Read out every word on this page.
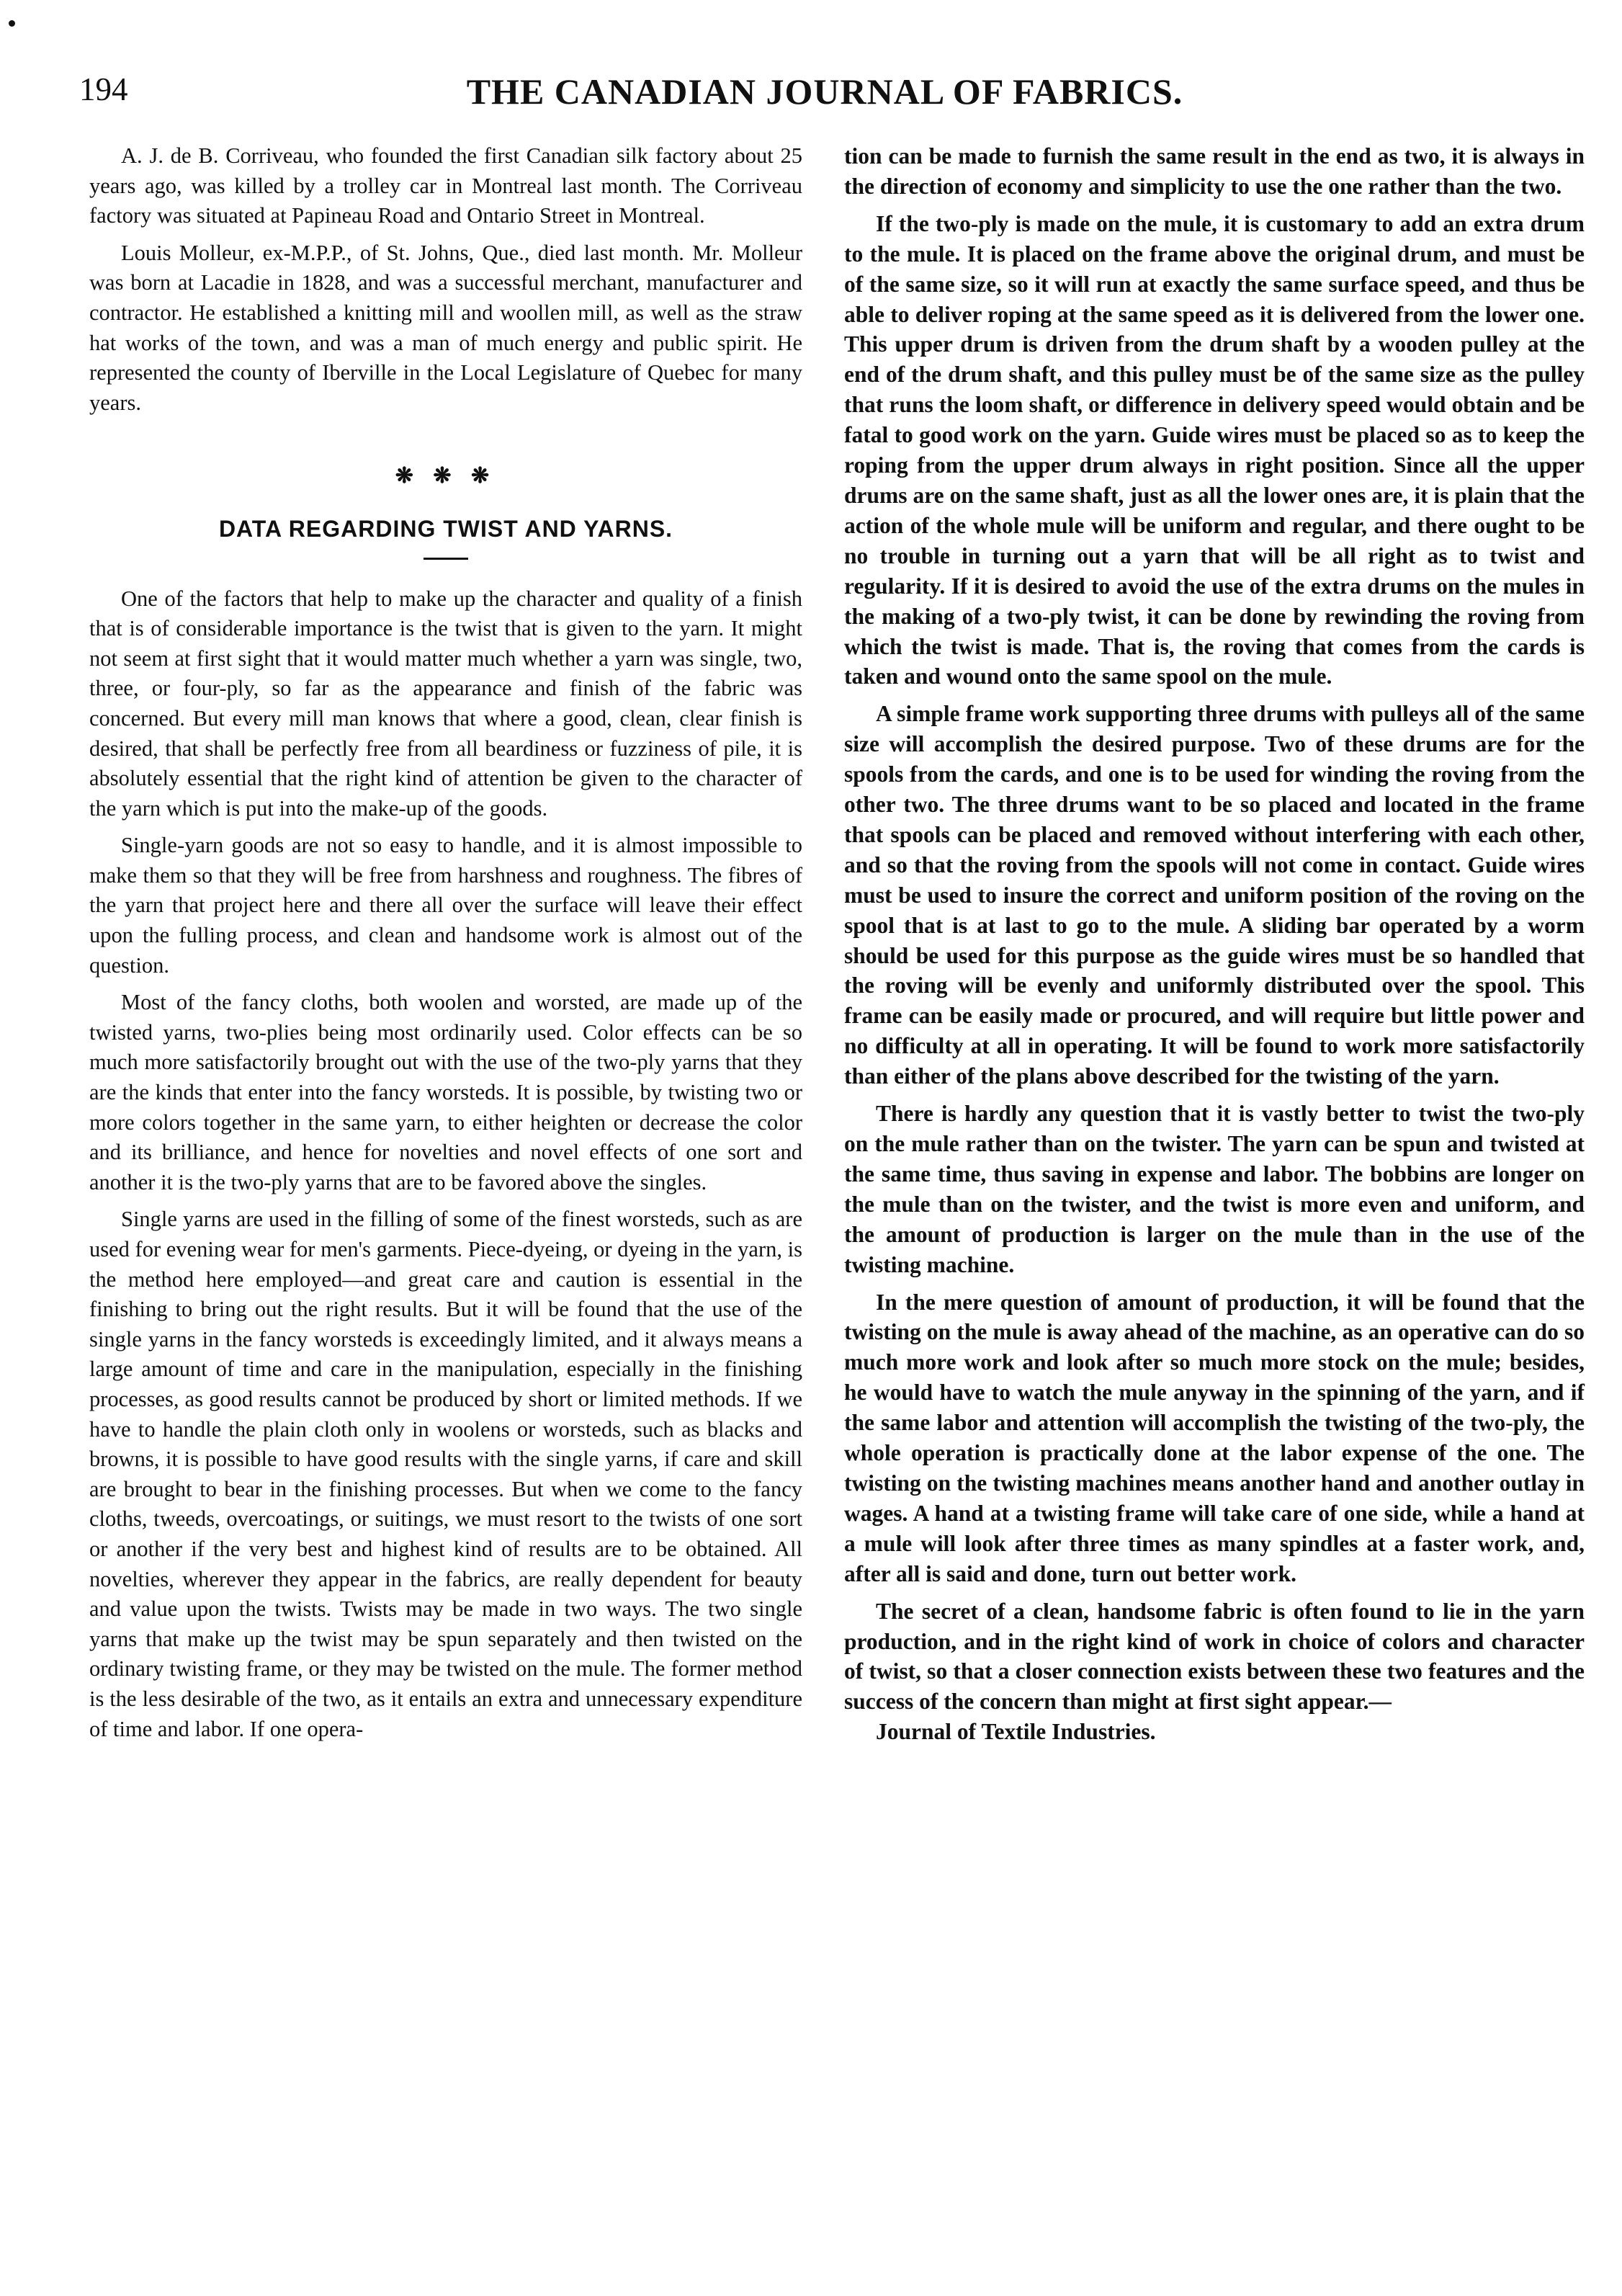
194	THE CANADIAN JOURNAL OF FABRICS.

A. J. de B. Corriveau, who founded the first Canadian silk factory about 25 years ago, was killed by a trolley car in Montreal last month. The Corriveau factory was situated at Papineau Road and Ontario Street in Montreal.

Louis Molleur, ex-M.P.P., of St. Johns, Que., died last month. Mr. Molleur was born at Lacadie in 1828, and was a successful merchant, manufacturer and contractor. He established a knitting mill and woollen mill, as well as the straw hat works of the town, and was a man of much energy and public spirit. He represented the county of Iberville in the Local Legislature of Quebec for many years.

❋ ❋ ❋
DATA REGARDING TWIST AND YARNS.

One of the factors that help to make up the character and quality of a finish that is of considerable importance is the twist that is given to the yarn. It might not seem at first sight that it would matter much whether a yarn was single, two, three, or four-ply, so far as the appearance and finish of the fabric was concerned. But every mill man knows that where a good, clean, clear finish is desired, that shall be perfectly free from all beardiness or fuzziness of pile, it is absolutely essential that the right kind of attention be given to the character of the yarn which is put into the make-up of the goods.

Single-yarn goods are not so easy to handle, and it is almost impossible to make them so that they will be free from harshness and roughness. The fibres of the yarn that project here and there all over the surface will leave their effect upon the fulling process, and clean and handsome work is almost out of the question.

Most of the fancy cloths, both woolen and worsted, are made up of the twisted yarns, two-plies being most ordinarily used. Color effects can be so much more satisfactorily brought out with the use of the two-ply yarns that they are the kinds that enter into the fancy worsteds. It is possible, by twisting two or more colors together in the same yarn, to either heighten or decrease the color and its brilliance, and hence for novelties and novel effects of one sort and another it is the two-ply yarns that are to be favored above the singles.

Single yarns are used in the filling of some of the finest worsteds, such as are used for evening wear for men's garments. Piece-dyeing, or dyeing in the yarn, is the method here employed—and great care and caution is essential in the finishing to bring out the right results. But it will be found that the use of the single yarns in the fancy worsteds is exceedingly limited, and it always means a large amount of time and care in the manipulation, especially in the finishing processes, as good results cannot be produced by short or limited methods. If we have to handle the plain cloth only in woolens or worsteds, such as blacks and browns, it is possible to have good results with the single yarns, if care and skill are brought to bear in the finishing processes. But when we come to the fancy cloths, tweeds, overcoatings, or suitings, we must resort to the twists of one sort or another if the very best and highest kind of results are to be obtained. All novelties, wherever they appear in the fabrics, are really dependent for beauty and value upon the twists. Twists may be made in two ways. The two single yarns that make up the twist may be spun separately and then twisted on the ordinary twisting frame, or they may be twisted on the mule. The former method is the less desirable of the two, as it entails an extra and unnecessary expenditure of time and labor. If one opera-

tion can be made to furnish the same result in the end as two, it is always in the direction of economy and simplicity to use the one rather than the two.

If the two-ply is made on the mule, it is customary to add an extra drum to the mule. It is placed on the frame above the original drum, and must be of the same size, so it will run at exactly the same surface speed, and thus be able to deliver roping at the same speed as it is delivered from the lower one. This upper drum is driven from the drum shaft by a wooden pulley at the end of the drum shaft, and this pulley must be of the same size as the pulley that runs the loom shaft, or difference in delivery speed would obtain and be fatal to good work on the yarn. Guide wires must be placed so as to keep the roping from the upper drum always in right position. Since all the upper drums are on the same shaft, just as all the lower ones are, it is plain that the action of the whole mule will be uniform and regular, and there ought to be no trouble in turning out a yarn that will be all right as to twist and regularity. If it is desired to avoid the use of the extra drums on the mules in the making of a two-ply twist, it can be done by rewinding the roving from which the twist is made. That is, the roving that comes from the cards is taken and wound onto the same spool on the mule.

A simple frame work supporting three drums with pulleys all of the same size will accomplish the desired purpose. Two of these drums are for the spools from the cards, and one is to be used for winding the roving from the other two. The three drums want to be so placed and located in the frame that spools can be placed and removed without interfering with each other, and so that the roving from the spools will not come in contact. Guide wires must be used to insure the correct and uniform position of the roving on the spool that is at last to go to the mule. A sliding bar operated by a worm should be used for this purpose as the guide wires must be so handled that the roving will be evenly and uniformly distributed over the spool. This frame can be easily made or procured, and will require but little power and no difficulty at all in operating. It will be found to work more satisfactorily than either of the plans above described for the twisting of the yarn.

There is hardly any question that it is vastly better to twist the two-ply on the mule rather than on the twister. The yarn can be spun and twisted at the same time, thus saving in expense and labor. The bobbins are longer on the mule than on the twister, and the twist is more even and uniform, and the amount of production is larger on the mule than in the use of the twisting machine.

In the mere question of amount of production, it will be found that the twisting on the mule is away ahead of the machine, as an operative can do so much more work and look after so much more stock on the mule; besides, he would have to watch the mule anyway in the spinning of the yarn, and if the same labor and attention will accomplish the twisting of the two-ply, the whole operation is practically done at the labor expense of the one. The twisting on the twisting machines means another hand and another outlay in wages. A hand at a twisting frame will take care of one side, while a hand at a mule will look after three times as many spindles at a faster work, and, after all is said and done, turn out better work.

The secret of a clean, handsome fabric is often found to lie in the yarn production, and in the right kind of work in choice of colors and character of twist, so that a closer connection exists between these two features and the success of the concern than might at first sight appear.—

Journal of Textile Industries.
